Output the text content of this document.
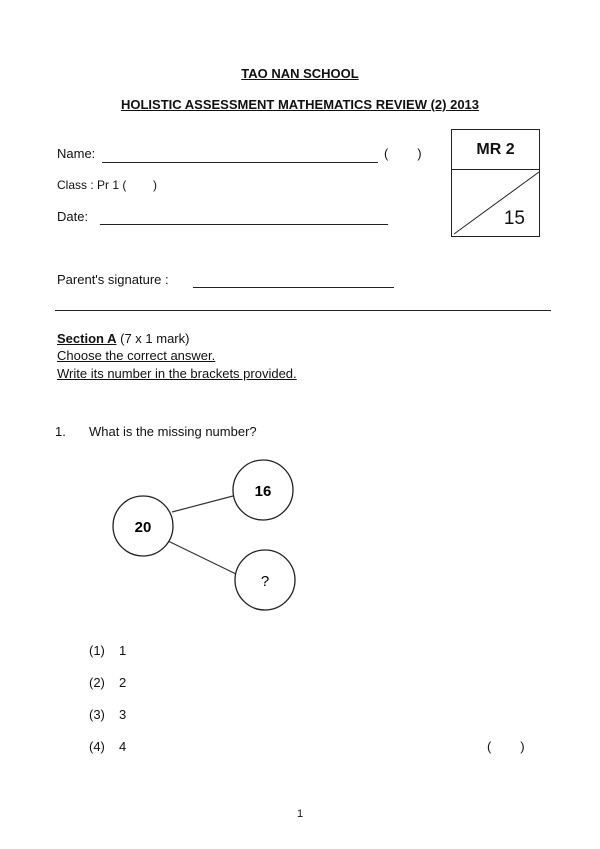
TAO NAN SCHOOL
HOLISTIC ASSESSMENT MATHEMATICS REVIEW (2) 2013
Name:	(        )
Class : Pr 1 (        )
Date:
MR 2
15
Parent's signature :
Section A (7 x 1 mark)
Choose the correct answer.
Write its number in the brackets provided.
1. What is the missing number?
20
16
?
(1) 1
(2) 2
(3) 3
(4) 4	(        )
1
